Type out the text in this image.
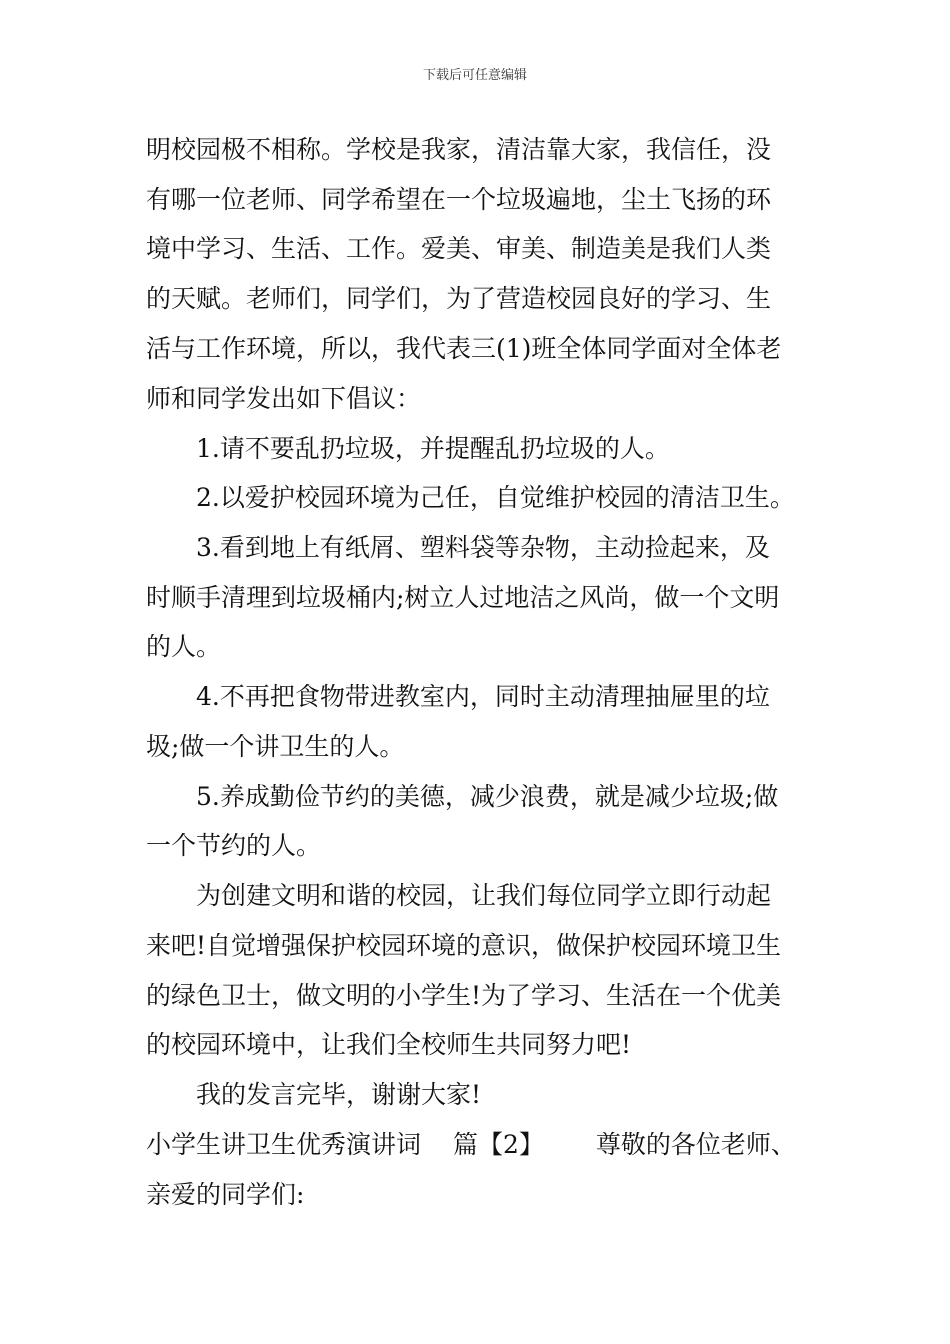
下载后可任意编辑
明校园极不相称。学校是我家，清洁靠大家，我信任，没
有哪一位老师、同学希望在一个垃圾遍地，尘土飞扬的环
境中学习、生活、工作。爱美、审美、制造美是我们人类
的天赋。老师们，同学们，为了营造校园良好的学习、生
活与工作环境，所以，我代表三(1)班全体同学面对全体老
师和同学发出如下倡议：
1.请不要乱扔垃圾，并提醒乱扔垃圾的人。
2.以爱护校园环境为己任，自觉维护校园的清洁卫生。
3.看到地上有纸屑、塑料袋等杂物，主动捡起来，及
时顺手清理到垃圾桶内;树立人过地洁之风尚，做一个文明
的人。
4.不再把食物带进教室内，同时主动清理抽屉里的垃
圾;做一个讲卫生的人。
5.养成勤俭节约的美德，减少浪费，就是减少垃圾;做
一个节约的人。
为创建文明和谐的校园，让我们每位同学立即行动起
来吧!自觉增强保护校园环境的意识，做保护校园环境卫生
的绿色卫士，做文明的小学生!为了学习、生活在一个优美
的校园环境中，让我们全校师生共同努力吧!
我的发言完毕，谢谢大家!
小学生讲卫生优秀演讲词 篇【2】 尊敬的各位老师、
亲爱的同学们:
